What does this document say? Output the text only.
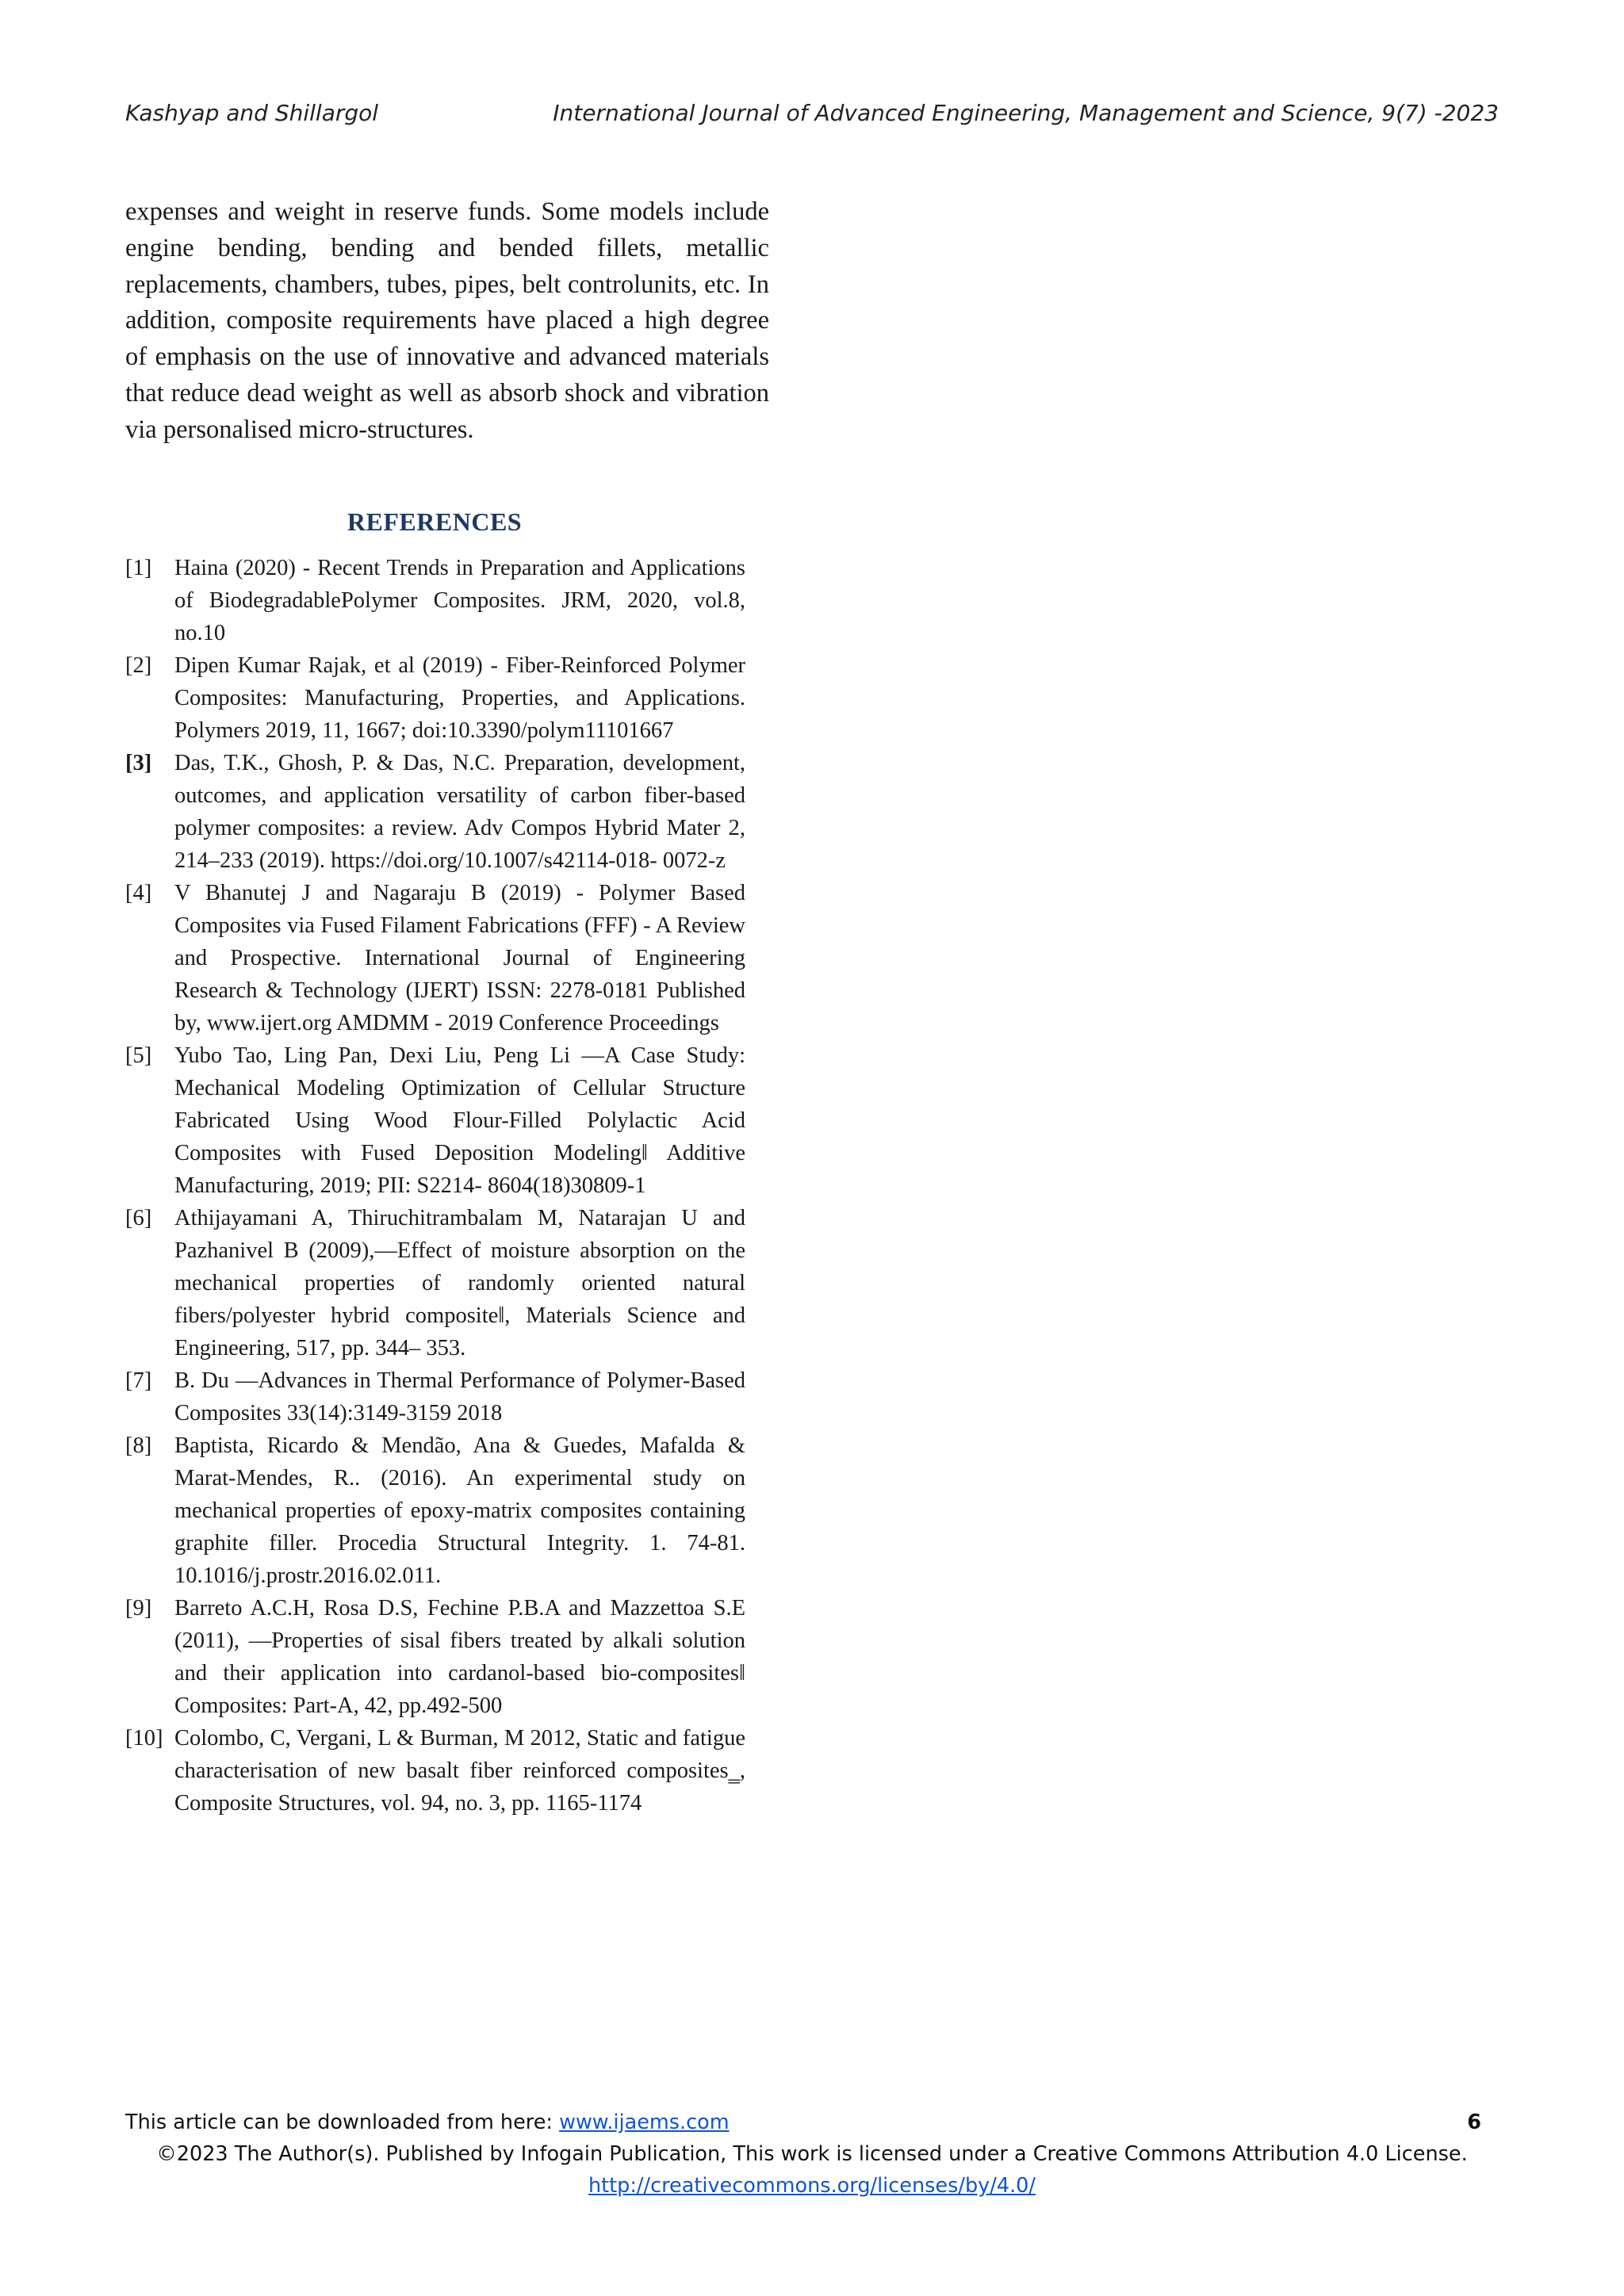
Kashyap and Shillargol	International Journal of Advanced Engineering, Management and Science, 9(7) -2023

expenses and weight in reserve funds. Some models include engine bending, bending and bended fillets, metallic replacements, chambers, tubes, pipes, belt controlunits, etc. In addition, composite requirements have placed a high degree of emphasis on the use of innovative and advanced materials that reduce dead weight as well as absorb shock and vibration via personalised micro-structures.

REFERENCES
[1]	Haina (2020) - Recent Trends in Preparation and Applications of BiodegradablePolymer Composites. JRM, 2020, vol.8, no.10
[2]	Dipen Kumar Rajak, et al (2019) - Fiber-Reinforced Polymer Composites: Manufacturing, Properties, and Applications. Polymers 2019, 11, 1667; doi:10.3390/polym11101667
[3]	Das, T.K., Ghosh, P. & Das, N.C. Preparation, development, outcomes, and application versatility of carbon fiber-based polymer composites: a review. Adv Compos Hybrid Mater 2, 214–233 (2019). https://doi.org/10.1007/s42114-018- 0072-z
[4]	V Bhanutej J and Nagaraju B (2019) - Polymer Based Composites via Fused Filament Fabrications (FFF) - A Review and Prospective. International Journal of Engineering Research & Technology (IJERT) ISSN: 2278-0181 Published by, www.ijert.org AMDMM - 2019 Conference Proceedings
[5]	Yubo Tao, Ling Pan, Dexi Liu, Peng Li ―A Case Study: Mechanical Modeling Optimization of Cellular Structure Fabricated Using Wood Flour-Filled Polylactic Acid Composites with Fused Deposition Modeling‖ Additive Manufacturing, 2019; PII: S2214- 8604(18)30809-1
[6]	Athijayamani A, Thiruchitrambalam M, Natarajan U and Pazhanivel B (2009),―Effect of moisture absorption on the mechanical properties of randomly oriented natural fibers/polyester hybrid composite‖, Materials Science and Engineering, 517, pp. 344– 353.
[7]	B. Du ―Advances in Thermal Performance of Polymer-Based Composites 33(14):3149-3159 2018
[8]	Baptista, Ricardo & Mendão, Ana & Guedes, Mafalda & Marat-Mendes, R.. (2016). An experimental study on mechanical properties of epoxy-matrix composites containing graphite filler. Procedia Structural Integrity. 1. 74-81. 10.1016/j.prostr.2016.02.011.
[9]	Barreto A.C.H, Rosa D.S, Fechine P.B.A and Mazzettoa S.E (2011), ―Properties of sisal fibers treated by alkali solution and their application into cardanol-based bio-composites‖ Composites: Part-A, 42, pp.492-500
[10] Colombo, C, Vergani, L & Burman, M 2012, Static and fatigue characterisation of new basalt fiber reinforced composites‗, Composite Structures, vol. 94, no. 3, pp. 1165-1174
This article can be downloaded from here: www.ijaems.com	6
©2023 The Author(s). Published by Infogain Publication, This work is licensed under a Creative Commons Attribution 4.0 License.
http://creativecommons.org/licenses/by/4.0/
